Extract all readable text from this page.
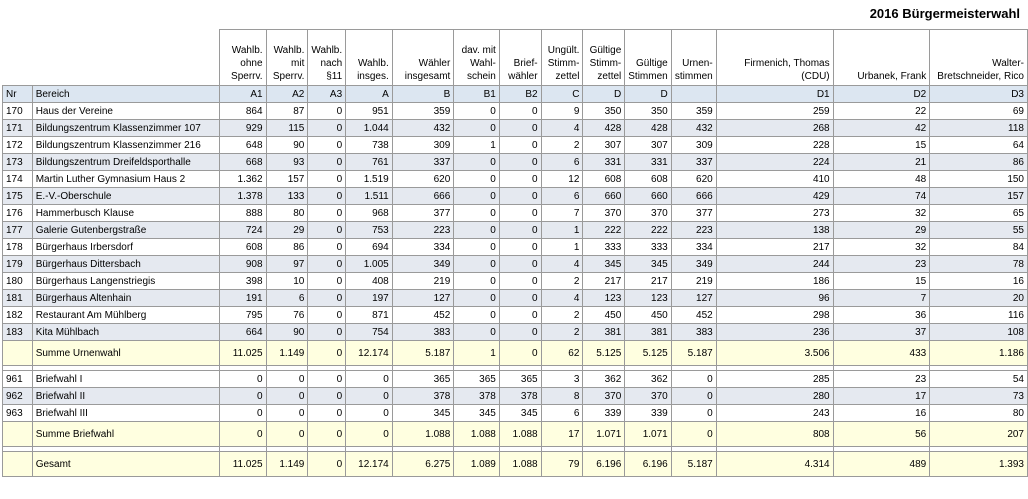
2016 Bürgermeisterwahl
		Wahlb. ohne Sperrv.	Wahlb. mit Sperrv.	Wahlb. nach §11	Wahlb. insges.	Wähler insgesamt	dav. mit Wahl-schein	Brief-wähler	Ungült. Stimm-zettel	Gültige Stimm-zettel	Gültige Stimmen	Urnen-stimmen	Firmenich, Thomas (CDU)	Urbanek, Frank	Walter-Bretschneider, Rico
Nr	Bereich	A1	A2	A3	A	B	B1	B2	C	D	D		D1	D2	D3
170	Haus der Vereine	864	87	0	951	359	0	0	9	350	350	359	259	22	69
171	Bildungszentrum Klassenzimmer 107	929	115	0	1.044	432	0	0	4	428	428	432	268	42	118
172	Bildungszentrum Klassenzimmer 216	648	90	0	738	309	1	0	2	307	307	309	228	15	64
173	Bildungszentrum Dreifeldsporthalle	668	93	0	761	337	0	0	6	331	331	337	224	21	86
174	Martin Luther Gymnasium Haus 2	1.362	157	0	1.519	620	0	0	12	608	608	620	410	48	150
175	E.-V.-Oberschule	1.378	133	0	1.511	666	0	0	6	660	660	666	429	74	157
176	Hammerbusch Klause	888	80	0	968	377	0	0	7	370	370	377	273	32	65
177	Galerie Gutenbergstraße	724	29	0	753	223	0	0	1	222	222	223	138	29	55
178	Bürgerhaus Irbersdorf	608	86	0	694	334	0	0	1	333	333	334	217	32	84
179	Bürgerhaus Dittersbach	908	97	0	1.005	349	0	0	4	345	345	349	244	23	78
180	Bürgerhaus Langenstriegis	398	10	0	408	219	0	0	2	217	217	219	186	15	16
181	Bürgerhaus Altenhain	191	6	0	197	127	0	0	4	123	123	127	96	7	20
182	Restaurant Am Mühlberg	795	76	0	871	452	0	0	2	450	450	452	298	36	116
183	Kita Mühlbach	664	90	0	754	383	0	0	2	381	381	383	236	37	108
	Summe Urnenwahl	11.025	1.149	0	12.174	5.187	1	0	62	5.125	5.125	5.187	3.506	433	1.186

961	Briefwahl I	0	0	0	0	365	365	365	3	362	362	0	285	23	54
962	Briefwahl II	0	0	0	0	378	378	378	8	370	370	0	280	17	73
963	Briefwahl III	0	0	0	0	345	345	345	6	339	339	0	243	16	80
	Summe Briefwahl	0	0	0	0	1.088	1.088	1.088	17	1.071	1.071	0	808	56	207

	Gesamt	11.025	1.149	0	12.174	6.275	1.089	1.088	79	6.196	6.196	5.187	4.314	489	1.393
